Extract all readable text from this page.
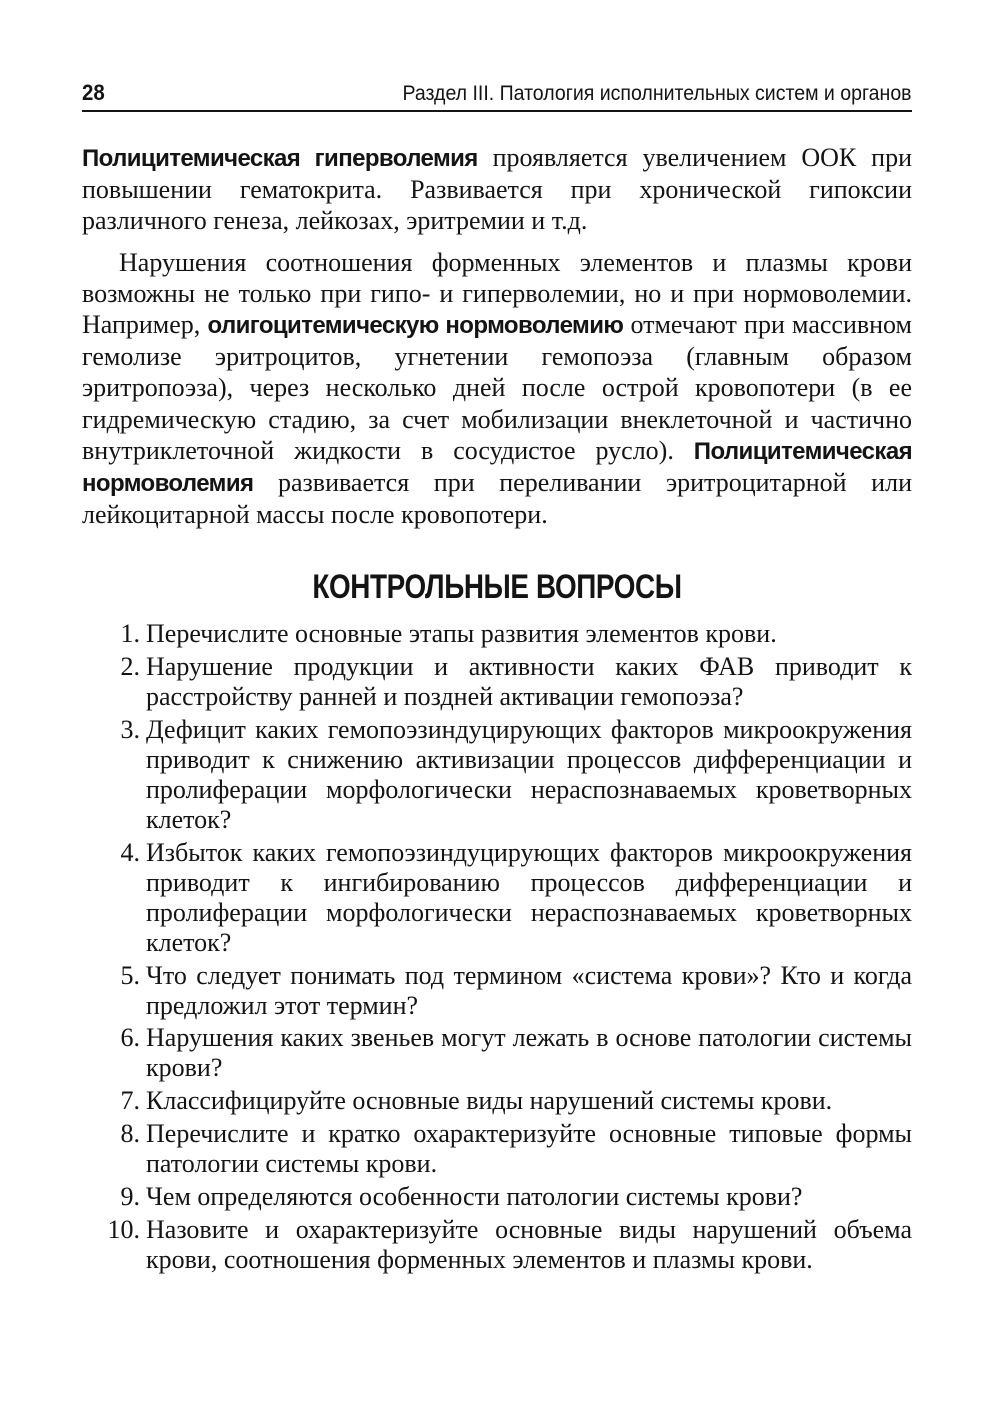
28	Раздел III. Патология исполнительных систем и органов

Полицитемическая гиперволемия проявляется увеличением ООК при повышении гематокрита. Развивается при хронической гипоксии различного генеза, лейкозах, эритремии и т.д.

Нарушения соотношения форменных элементов и плазмы крови возможны не только при гипо- и гиперволемии, но и при нормоволемии. Например, олигоцитемическую нормоволемию отмечают при массивном гемолизе эритроцитов, угнетении гемопоэза (главным образом эритропоэза), через несколько дней после острой кровопотери (в ее гидремическую стадию, за счет мобилизации внеклеточной и частично внутриклеточной жидкости в сосудистое русло). Полицитемическая нормоволемия развивается при переливании эритроцитарной или лейкоцитарной массы после кровопотери.

КОНТРОЛЬНЫЕ ВОПРОСЫ
1. Перечислите основные этапы развития элементов крови.
2. Нарушение продукции и активности каких ФАВ приводит к расстройству ранней и поздней активации гемопоэза?
3. Дефицит каких гемопоэзиндуцирующих факторов микроокружения приводит к снижению активизации процессов дифференциации и пролиферации морфологически нераспознаваемых кроветворных клеток?
4. Избыток каких гемопоэзиндуцирующих факторов микроокружения приводит к ингибированию процессов дифференциации и пролиферации морфологически нераспознаваемых кроветворных клеток?
5. Что следует понимать под термином «система крови»? Кто и когда предложил этот термин?
6. Нарушения каких звеньев могут лежать в основе патологии системы крови?
7. Классифицируйте основные виды нарушений системы крови.
8. Перечислите и кратко охарактеризуйте основные типовые формы патологии системы крови.
9. Чем определяются особенности патологии системы крови?
10. Назовите и охарактеризуйте основные виды нарушений объема крови, соотношения форменных элементов и плазмы крови.
